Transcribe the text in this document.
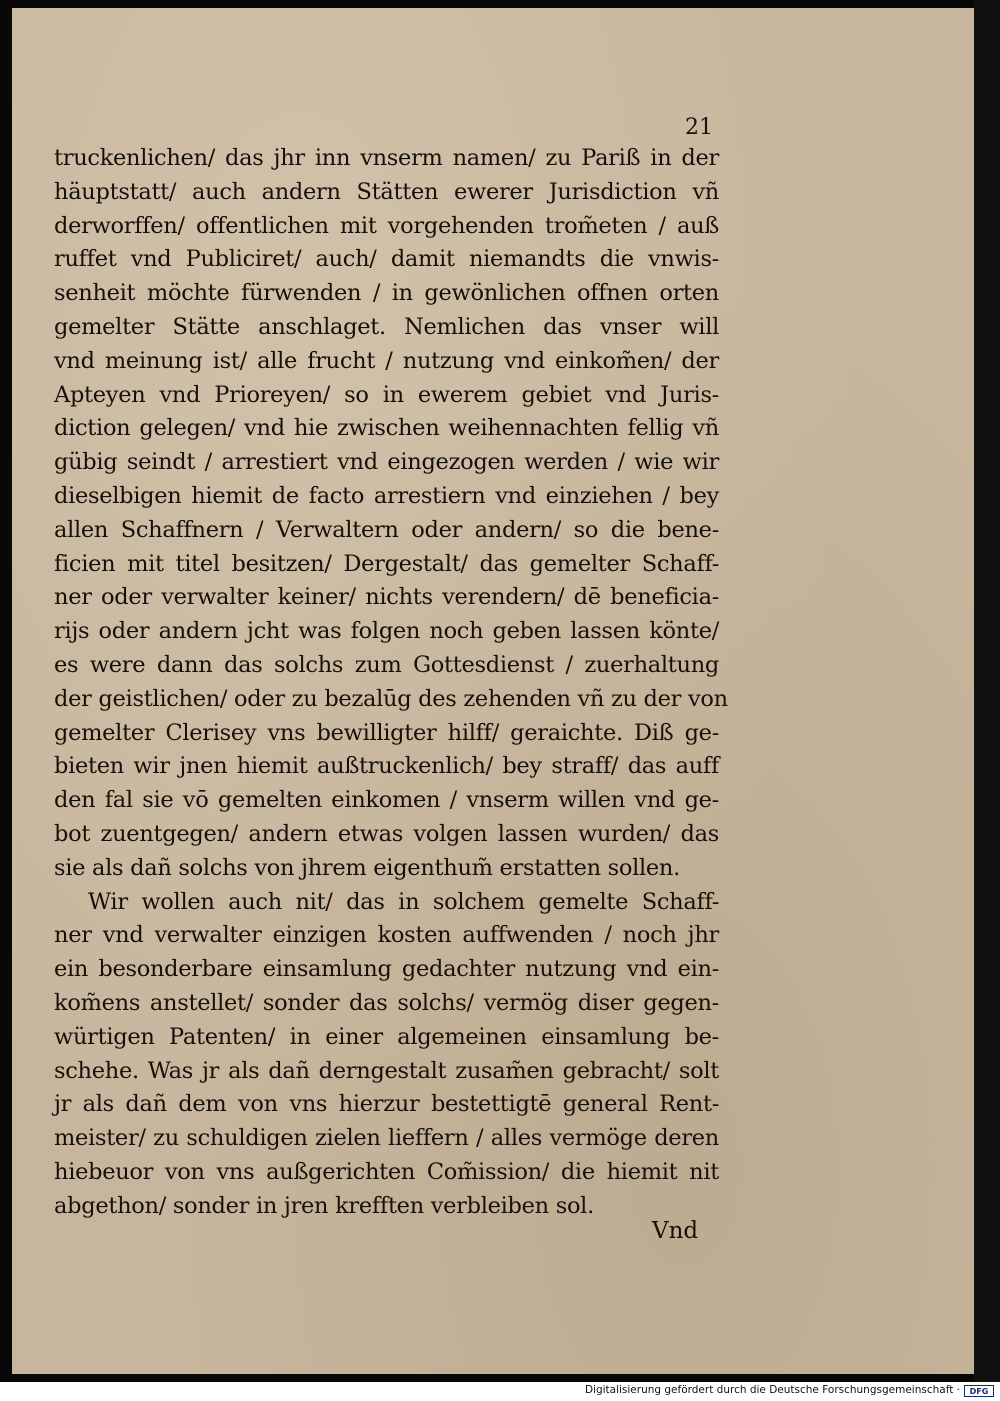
21
truckenlichen/ das jhr inn vnserm namen/ zu Pariß in der
häuptstatt/ auch andern Stätten ewerer Jurisdiction vñ
derworffen/ offentlichen mit vorgehenden trom̃eten / auß
ruffet vnd Publiciret/ auch/ damit niemandts die vnwis-
senheit möchte fürwenden / in gewönlichen offnen orten
gemelter Stätte anschlaget. Nemlichen das vnser will
vnd meinung ist/ alle frucht / nutzung vnd einkom̃en/ der
Apteyen vnd Prioreyen/ so in ewerem gebiet vnd Juris-
diction gelegen/ vnd hie zwischen weihennachten fellig vñ
gübig seindt / arrestiert vnd eingezogen werden / wie wir
dieselbigen hiemit de facto arrestiern vnd einziehen / bey
allen Schaffnern / Verwaltern oder andern/ so die bene-
ficien mit titel besitzen/ Dergestalt/ das gemelter Schaff-
ner oder verwalter keiner/ nichts verendern/ dē beneficia-
rijs oder andern jcht was folgen noch geben lassen könte/
es were dann das solchs zum Gottesdienst / zuerhaltung
der geistlichen/ oder zu bezalūg des zehenden vñ zu der von
gemelter Clerisey vns bewilligter hilff/ geraichte. Diß ge-
bieten wir jnen hiemit außtruckenlich/ bey straff/ das auff
den fal sie vō gemelten einkomen / vnserm willen vnd ge-
bot zuentgegen/ andern etwas volgen lassen wurden/ das
sie als dañ solchs von jhrem eigenthum̃ erstatten sollen.
Wir wollen auch nit/ das in solchem gemelte Schaff-
ner vnd verwalter einzigen kosten auffwenden / noch jhr
ein besonderbare einsamlung gedachter nutzung vnd ein-
kom̃ens anstellet/ sonder das solchs/ vermög diser gegen-
würtigen Patenten/ in einer algemeinen einsamlung be-
schehe. Was jr als dañ derngestalt zusam̃en gebracht/ solt
jr als dañ dem von vns hierzur bestettigtē general Rent-
meister/ zu schuldigen zielen lieffern / alles vermöge deren
hiebeuor von vns außgerichten Com̃ission/ die hiemit nit
abgethon/ sonder in jren krefften verbleiben sol.
Vnd
Digitalisierung gefördert durch die Deutsche Forschungsgemeinschaft ·	DFG
